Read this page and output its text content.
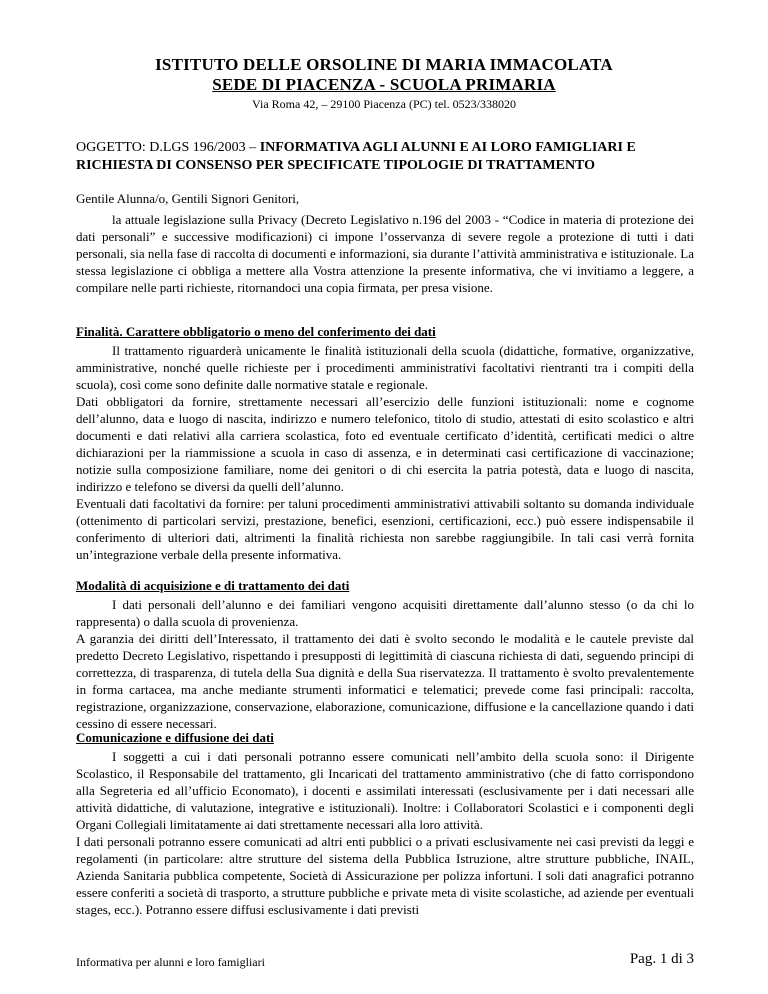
ISTITUTO DELLE ORSOLINE DI MARIA IMMACOLATA
SEDE DI PIACENZA - SCUOLA PRIMARIA
Via Roma 42, – 29100 Piacenza (PC) tel. 0523/338020
OGGETTO: D.LGS 196/2003 – INFORMATIVA AGLI ALUNNI E AI LORO FAMIGLIARI E RICHIESTA DI CONSENSO PER SPECIFICATE TIPOLOGIE DI TRATTAMENTO
Gentile Alunna/o, Gentili Signori Genitori,
la attuale legislazione sulla Privacy (Decreto Legislativo n.196 del 2003 - “Codice in materia di protezione dei dati personali” e successive modificazioni) ci impone l’osservanza di severe regole a protezione di tutti i dati personali, sia nella fase di raccolta di documenti e informazioni, sia durante l’attività amministrativa e istituzionale. La stessa legislazione ci obbliga a mettere alla Vostra attenzione la presente informativa, che vi invitiamo a leggere, a compilare nelle parti richieste, ritornandoci una copia firmata, per presa visione.
Finalità. Carattere obbligatorio o meno del conferimento dei dati
Il trattamento riguarderà unicamente le finalità istituzionali della scuola (didattiche, formative, organizzative, amministrative, nonché quelle richieste per i procedimenti amministrativi facoltativi rientranti tra i compiti della scuola), così come sono definite dalle normative statale e regionale.
Dati obbligatori da fornire, strettamente necessari all’esercizio delle funzioni istituzionali: nome e cognome dell’alunno, data e luogo di nascita, indirizzo e numero telefonico, titolo di studio, attestati di esito scolastico e altri documenti e dati relativi alla carriera scolastica, foto ed eventuale certificato d’identità, certificati medici o altre dichiarazioni per la riammissione a scuola in caso di assenza, e in determinati casi certificazione di vaccinazione; notizie sulla composizione familiare, nome dei genitori o di chi esercita la patria potestà, data e luogo di nascita, indirizzo e telefono se diversi da quelli dell’alunno.
Eventuali dati facoltativi da fornire: per taluni procedimenti amministrativi attivabili soltanto su domanda individuale (ottenimento di particolari servizi, prestazione, benefici, esenzioni, certificazioni, ecc.) può essere indispensabile il conferimento di ulteriori dati, altrimenti la finalità richiesta non sarebbe raggiungibile. In tali casi verrà fornita un’integrazione verbale della presente informativa.
Modalità di acquisizione e di trattamento dei dati
I dati personali dell’alunno e dei familiari vengono acquisiti direttamente dall’alunno stesso (o da chi lo rappresenta) o dalla scuola di provenienza.
A garanzia dei diritti dell’Interessato, il trattamento dei dati è svolto secondo le modalità e le cautele previste dal predetto Decreto Legislativo, rispettando i presupposti di legittimità di ciascuna richiesta di dati, seguendo principi di correttezza, di trasparenza, di tutela della Sua dignità e della Sua riservatezza. Il trattamento è svolto prevalentemente in forma cartacea, ma anche mediante strumenti informatici e telematici; prevede come fasi principali: raccolta, registrazione, organizzazione, conservazione, elaborazione, comunicazione, diffusione e la cancellazione quando i dati cessino di essere necessari.
Comunicazione e diffusione dei dati
I soggetti a cui i dati personali potranno essere comunicati nell’ambito della scuola sono: il Dirigente Scolastico, il Responsabile del trattamento, gli Incaricati del trattamento amministrativo (che di fatto corrispondono alla Segreteria ed all’ufficio Economato), i docenti e assimilati interessati (esclusivamente per i dati necessari alle attività didattiche, di valutazione, integrative e istituzionali). Inoltre: i Collaboratori Scolastici e i componenti degli Organi Collegiali limitatamente ai dati strettamente necessari alla loro attività.
I dati personali potranno essere comunicati ad altri enti pubblici o a privati esclusivamente nei casi previsti da leggi e regolamenti (in particolare: altre strutture del sistema della Pubblica Istruzione, altre strutture pubbliche, INAIL, Azienda Sanitaria pubblica competente, Società di Assicurazione per polizza infortuni. I soli dati anagrafici potranno essere conferiti a società di trasporto, a strutture pubbliche e private meta di visite scolastiche, ad aziende per eventuali stages, ecc.). Potranno essere diffusi esclusivamente i dati previsti
Informativa per alunni e loro famigliari	Pag. 1 di 3
